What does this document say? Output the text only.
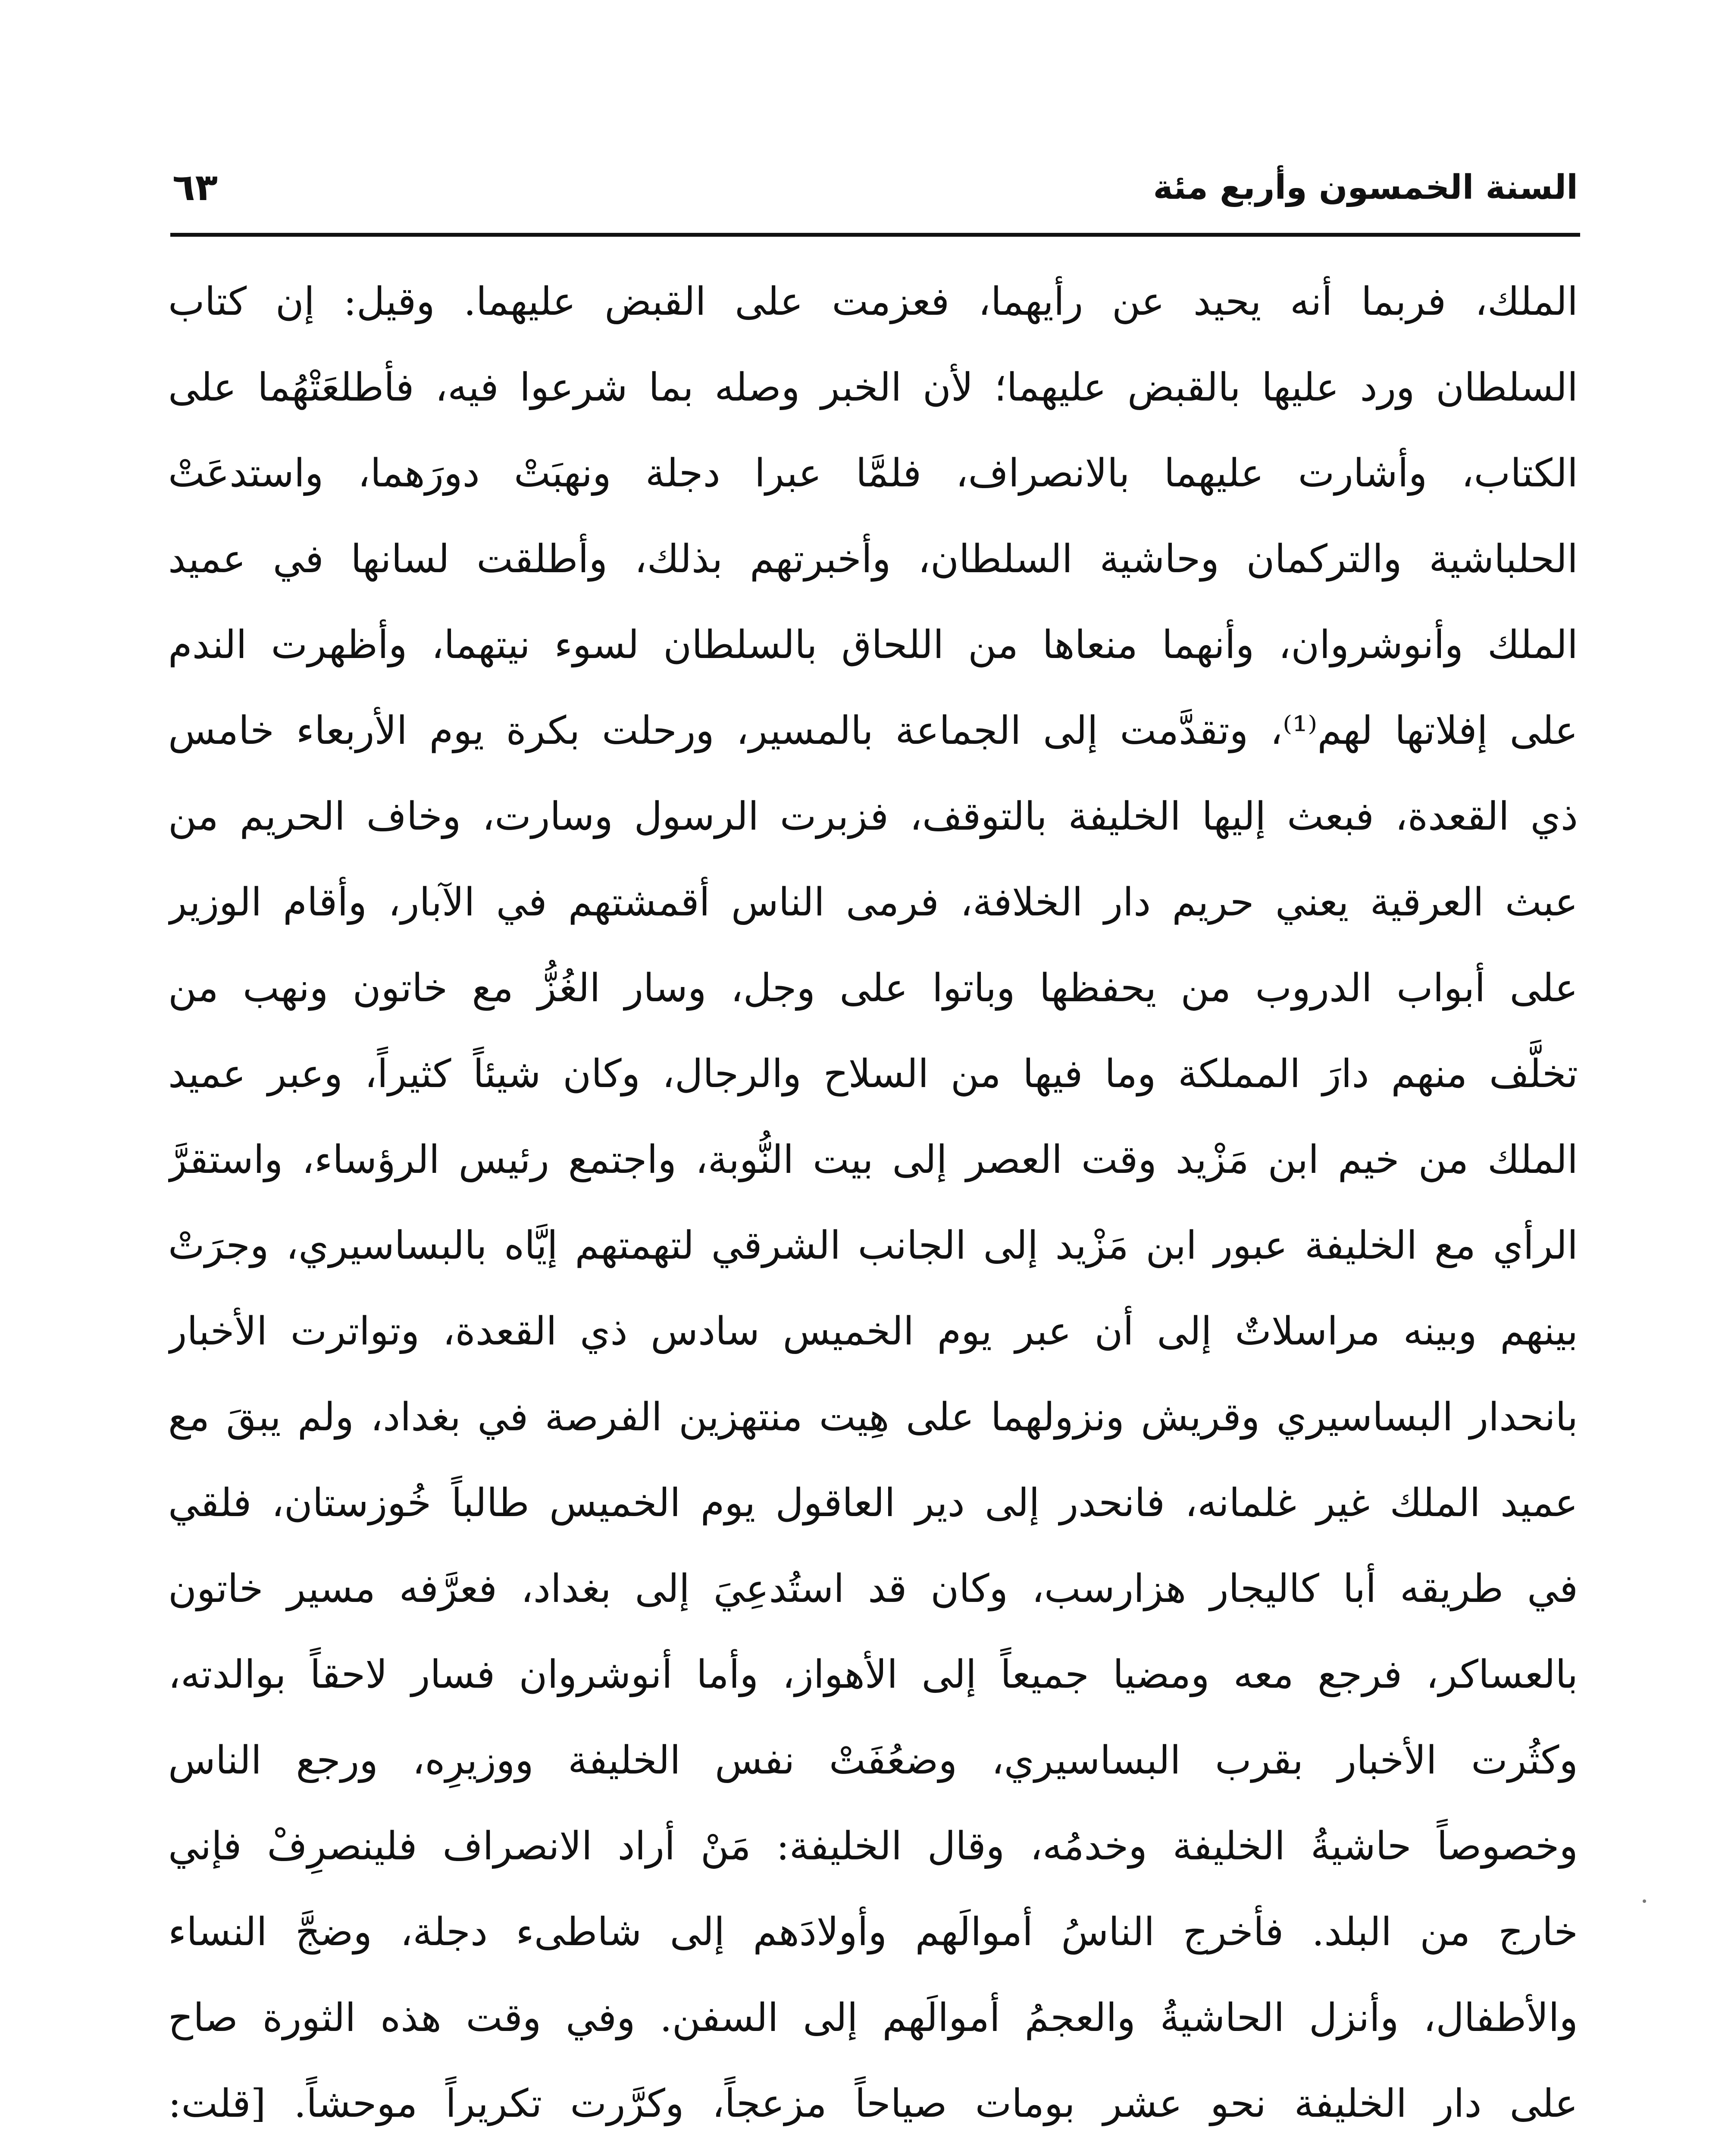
السنة الخمسون وأربع مئة
٦٣
الملك، فربما أنه يحيد عن رأيهما، فعزمت على القبض عليهما. وقيل: إن كتاب
السلطان ورد عليها بالقبض عليهما؛ لأن الخبر وصله بما شرعوا فيه، فأطلعَتْهُما على
الكتاب، وأشارت عليهما بالانصراف، فلمَّا عبرا دجلة ونهبَتْ دورَهما، واستدعَتْ
الحلباشية والتركمان وحاشية السلطان، وأخبرتهم بذلك، وأطلقت لسانها في عميد
الملك وأنوشروان، وأنهما منعاها من اللحاق بالسلطان لسوء نيتهما، وأظهرت الندم
على إفلاتها لهم⁽¹⁾، وتقدَّمت إلى الجماعة بالمسير، ورحلت بكرة يوم الأربعاء خامس
ذي القعدة، فبعث إليها الخليفة بالتوقف، فزبرت الرسول وسارت، وخاف الحريم من
عبث العرقية يعني حريم دار الخلافة، فرمى الناس أقمشتهم في الآبار، وأقام الوزير
على أبواب الدروب من يحفظها وباتوا على وجل، وسار الغُزُّ مع خاتون ونهب من
تخلَّف منهم دارَ المملكة وما فيها من السلاح والرجال، وكان شيئاً كثيراً، وعبر عميد
الملك من خيم ابن مَزْيد وقت العصر إلى بيت النُّوبة، واجتمع رئيس الرؤساء، واستقرَّ
الرأي مع الخليفة عبور ابن مَزْيد إلى الجانب الشرقي لتهمتهم إيَّاه بالبساسيري، وجرَتْ
بينهم وبينه مراسلاتٌ إلى أن عبر يوم الخميس سادس ذي القعدة، وتواترت الأخبار
بانحدار البساسيري وقريش ونزولهما على هِيت منتهزين الفرصة في بغداد، ولم يبقَ مع
عميد الملك غير غلمانه، فانحدر إلى دير العاقول يوم الخميس طالباً خُوزستان، فلقي
في طريقه أبا كاليجار هزارسب، وكان قد استُدعِيَ إلى بغداد، فعرَّفه مسير خاتون
بالعساكر، فرجع معه ومضيا جميعاً إلى الأهواز، وأما أنوشروان فسار لاحقاً بوالدته،
وكثُرت الأخبار بقرب البساسيري، وضعُفَتْ نفس الخليفة ووزيرِه، ورجع الناس
وخصوصاً حاشيةُ الخليفة وخدمُه، وقال الخليفة: مَنْ أراد الانصراف فلينصرِفْ فإني
خارج من البلد. فأخرج الناسُ أموالَهم وأولادَهم إلى شاطىء دجلة، وضجَّ النساء
والأطفال، وأنزل الحاشيةُ والعجمُ أموالَهم إلى السفن. وفي وقت هذه الثورة صاح
على دار الخليفة نحو عشر بومات صياحاً مزعجاً، وكرَّرت تكريراً موحشاً. [قلت:
